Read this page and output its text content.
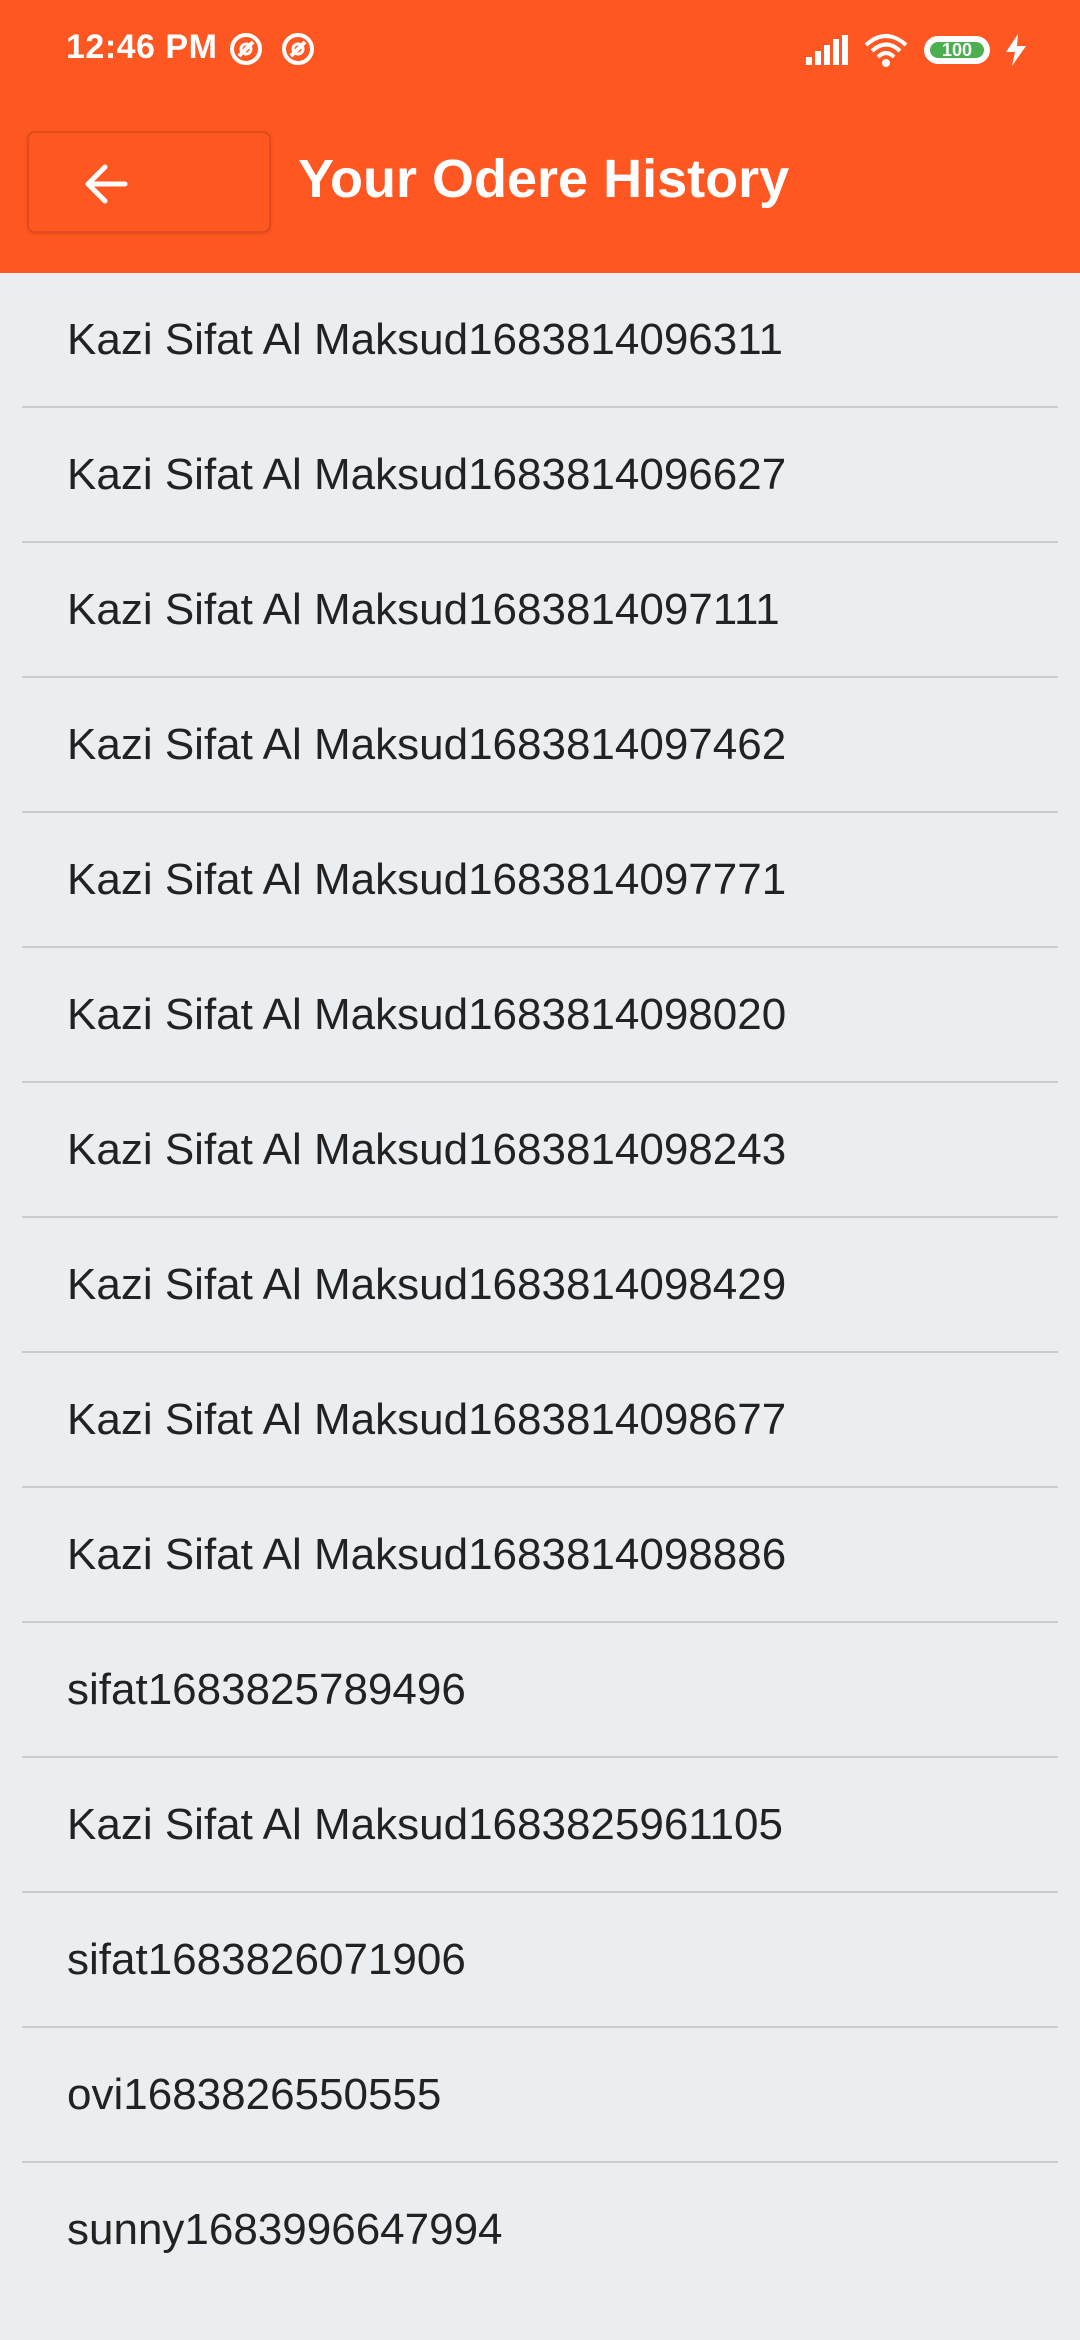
12:46 PM	100
Your Odere History
Kazi Sifat Al Maksud1683814096311
Kazi Sifat Al Maksud1683814096627
Kazi Sifat Al Maksud1683814097111
Kazi Sifat Al Maksud1683814097462
Kazi Sifat Al Maksud1683814097771
Kazi Sifat Al Maksud1683814098020
Kazi Sifat Al Maksud1683814098243
Kazi Sifat Al Maksud1683814098429
Kazi Sifat Al Maksud1683814098677
Kazi Sifat Al Maksud1683814098886
sifat1683825789496
Kazi Sifat Al Maksud1683825961105
sifat1683826071906
ovi1683826550555
sunny1683996647994
